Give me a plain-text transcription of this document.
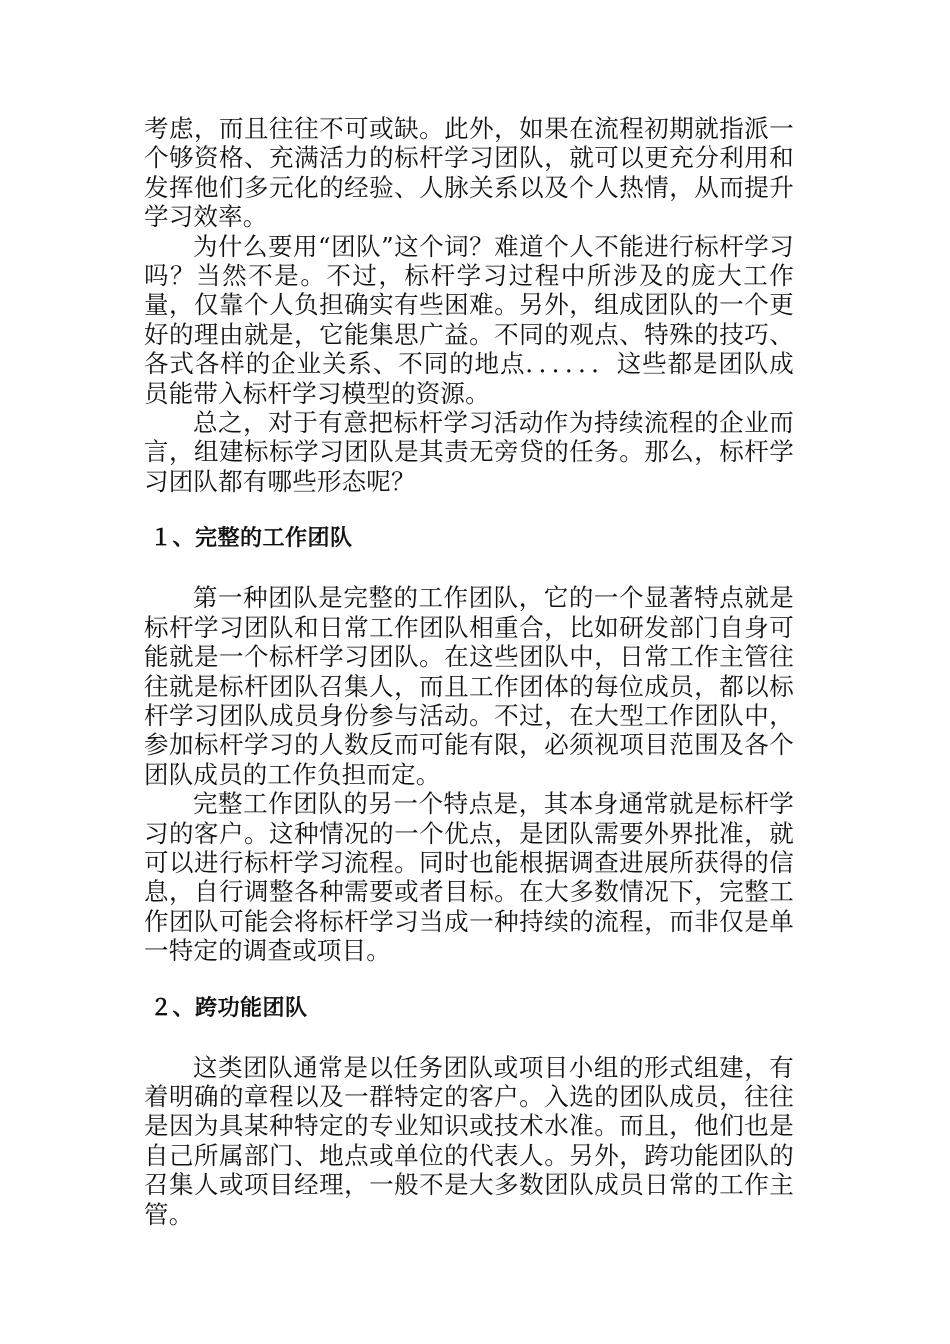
考虑，而且往往不可或缺。此外，如果在流程初期就指派一个够资格、充满活力的标杆学习团队，就可以更充分利用和发挥他们多元化的经验、人脉关系以及个人热情，从而提升学习效率。

为什么要用“团队”这个词？难道个人不能进行标杆学习吗？当然不是。不过，标杆学习过程中所涉及的庞大工作量，仅靠个人负担确实有些困难。另外，组成团队的一个更好的理由就是，它能集思广益。不同的观点、特殊的技巧、各式各样的企业关系、不同的地点．．．．．．这些都是团队成员能带入标杆学习模型的资源。

总之，对于有意把标杆学习活动作为持续流程的企业而言，组建标标学习团队是其责无旁贷的任务。那么，标杆学习团队都有哪些形态呢？

１、完整的工作团队

第一种团队是完整的工作团队，它的一个显著特点就是标杆学习团队和日常工作团队相重合，比如研发部门自身可能就是一个标杆学习团队。在这些团队中，日常工作主管往往就是标杆团队召集人，而且工作团体的每位成员，都以标杆学习团队成员身份参与活动。不过，在大型工作团队中，参加标杆学习的人数反而可能有限，必须视项目范围及各个团队成员的工作负担而定。

完整工作团队的另一个特点是，其本身通常就是标杆学习的客户。这种情况的一个优点，是团队需要外界批准，就可以进行标杆学习流程。同时也能根据调查进展所获得的信息，自行调整各种需要或者目标。在大多数情况下，完整工作团队可能会将标杆学习当成一种持续的流程，而非仅是单一特定的调查或项目。

２、跨功能团队

这类团队通常是以任务团队或项目小组的形式组建，有着明确的章程以及一群特定的客户。入选的团队成员，往往是因为具某种特定的专业知识或技术水准。而且，他们也是自己所属部门、地点或单位的代表人。另外，跨功能团队的召集人或项目经理，一般不是大多数团队成员日常的工作主管。
